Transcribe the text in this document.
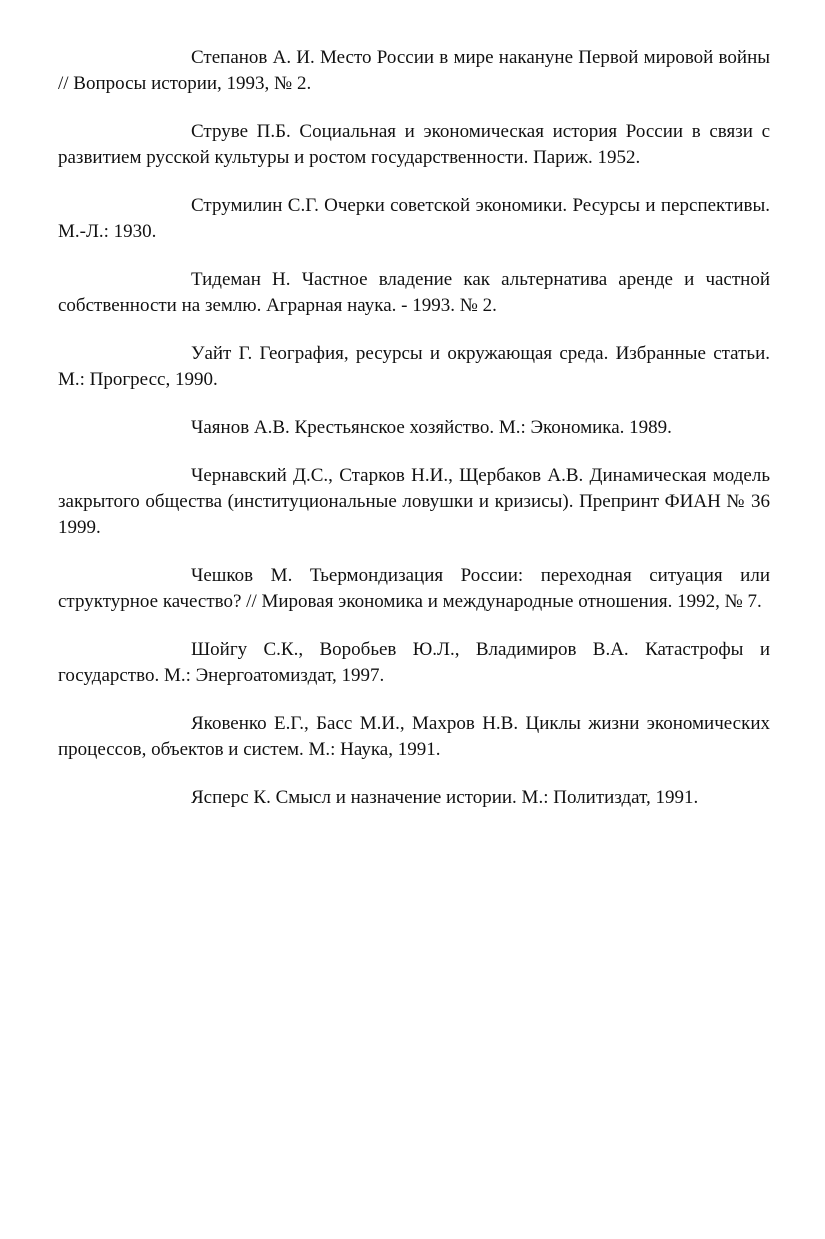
Степанов А. И. Место России в мире накануне Первой мировой войны // Вопросы истории, 1993, № 2.

Струве П.Б. Социальная и экономическая история России в связи с развитием русской культуры и ростом государственности. Париж. 1952.

Струмилин С.Г. Очерки советской экономики. Ресурсы и перспективы. М.-Л.: 1930.

Тидеман Н. Частное владение как альтернатива аренде и частной собственности на землю. Аграрная наука. - 1993. № 2.

Уайт Г. География, ресурсы и окружающая среда. Избранные статьи. М.: Прогресс, 1990.

Чаянов А.В. Крестьянское хозяйство. М.: Экономика. 1989.

Чернавский Д.С., Старков Н.И., Щербаков А.В. Динамическая модель закрытого общества (институциональные ловушки и кризисы). Препринт ФИАН № 36 1999.

Чешков М. Тьермондизация России: переходная ситуация или структурное качество? // Мировая экономика и международные отношения. 1992, № 7.

Шойгу С.К., Воробьев Ю.Л., Владимиров В.А. Катастрофы и государство. М.: Энергоатомиздат, 1997.

Яковенко Е.Г., Басс М.И., Махров Н.В. Циклы жизни экономических процессов, объектов и систем. М.: Наука, 1991.

Ясперс К. Смысл и назначение истории. М.: Политиздат, 1991.
